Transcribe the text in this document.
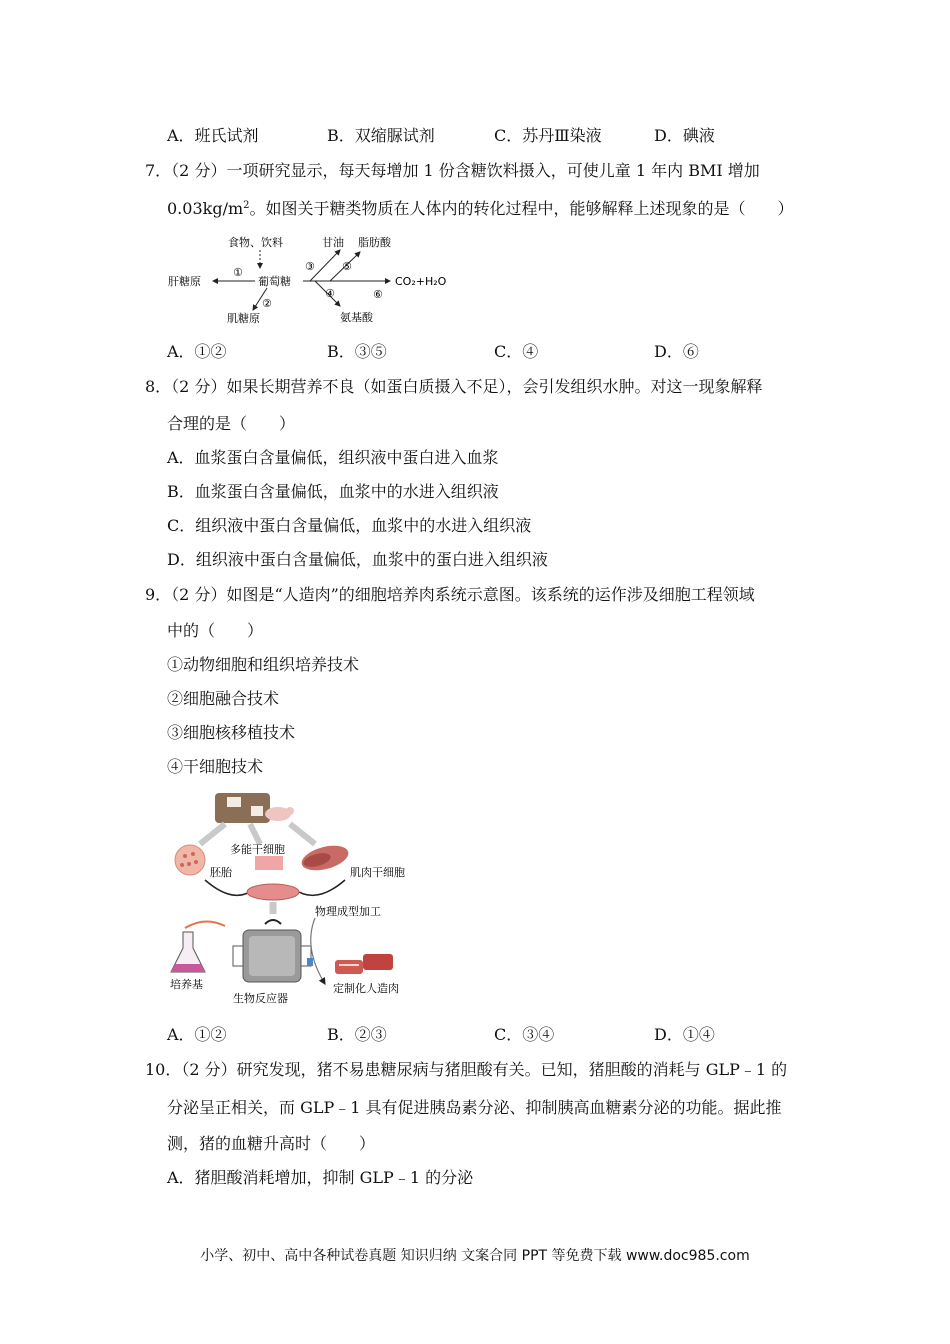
A．班氏试剂	B．双缩脲试剂	C．苏丹Ⅲ染液	D．碘液
7．（2 分）一项研究显示，每天每增加 1 份含糖饮料摄入，可使儿童 1 年内 BMI 增加
$0.03kg/m^2$。如图关于糖类物质在人体内的转化过程中，能够解释上述现象的是（　　）
食物、饮料
葡萄糖
肝糖原
①
②
肌糖原
CO₂+H₂O
甘油
③
脂肪酸
⑤
④
氨基酸
⑥
A．①②	B．③⑤	C．④	D．⑥
8．（2 分）如果长期营养不良（如蛋白质摄入不足），会引发组织水肿。对这一现象解释
合理的是（　　）
A．血浆蛋白含量偏低，组织液中蛋白进入血浆
B．血浆蛋白含量偏低，血浆中的水进入组织液
C．组织液中蛋白含量偏低，血浆中的水进入组织液
D．组织液中蛋白含量偏低，血浆中的蛋白进入组织液
9．（2 分）如图是“人造肉”的细胞培养肉系统示意图。该系统的运作涉及细胞工程领域
中的（　　）
①动物细胞和组织培养技术
②细胞融合技术
③细胞核移植技术
④干细胞技术
多能干细胞
胚胎	肌肉干细胞
物理成型加工
培养基
生物反应器
定制化人造肉
A．①②	B．②③	C．③④	D．①④
10．（2 分）研究发现，猪不易患糖尿病与猪胆酸有关。已知，猪胆酸的消耗与 GLP﹣1 的
分泌呈正相关，而 GLP﹣1 具有促进胰岛素分泌、抑制胰高血糖素分泌的功能。据此推
测，猪的血糖升高时（　　）
A．猪胆酸消耗增加，抑制 GLP﹣1 的分泌
小学、初中、高中各种试卷真题 知识归纳 文案合同 PPT 等免费下载 www.doc985.com
